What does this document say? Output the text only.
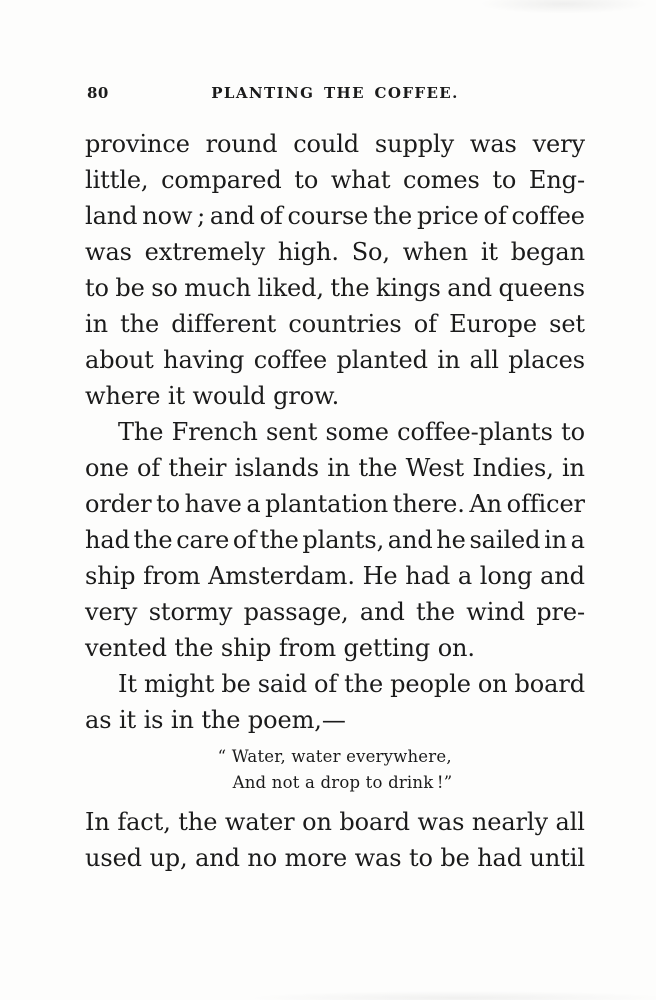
80	PLANTING THE COFFEE.
province round could supply was very
little, compared to what comes to Eng-
land now ; and of course the price of coffee
was extremely high. So, when it began
to be so much liked, the kings and queens
in the different countries of Europe set
about having coffee planted in all places
where it would grow.
The French sent some coffee-plants to
one of their islands in the West Indies, in
order to have a plantation there. An officer
had the care of the plants, and he sailed in a
ship from Amsterdam. He had a long and
very stormy passage, and the wind pre-
vented the ship from getting on.
It might be said of the people on board
as it is in the poem,—
“ Water, water everywhere,
And not a drop to drink !”
In fact, the water on board was nearly all
used up, and no more was to be had until
